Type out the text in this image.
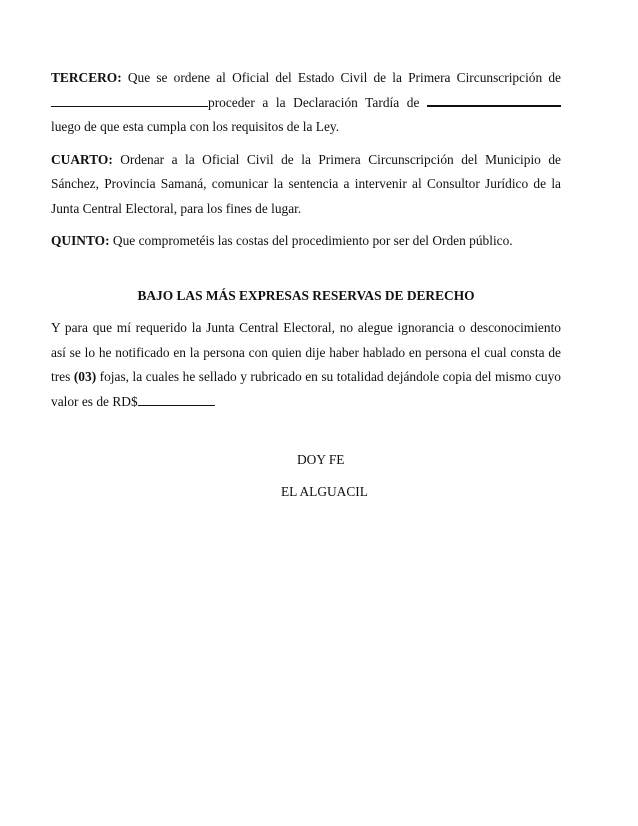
TERCERO: Que se ordene al Oficial del Estado Civil de la Primera Circunscripción deproceder a la Declaración Tardía de luego de que esta cumpla con los requisitos de la Ley.

CUARTO: Ordenar a la Oficial Civil de la Primera Circunscripción del Municipio de Sánchez, Provincia Samaná, comunicar la sentencia a intervenir al Consultor Jurídico de la Junta Central Electoral, para los fines de lugar.

QUINTO: Que comprometéis las costas del procedimiento por ser del Orden público.

BAJO LAS MÁS EXPRESAS RESERVAS DE DERECHO

Y para que mí requerido la Junta Central Electoral, no alegue ignorancia o desconocimiento así se lo he notificado en la persona con quien dije haber hablado en persona el cual consta de tres (03) fojas, la cuales he sellado y rubricado en su totalidad dejándole copia del mismo cuyo valor es de RD$

DOY FE
EL ALGUACIL
